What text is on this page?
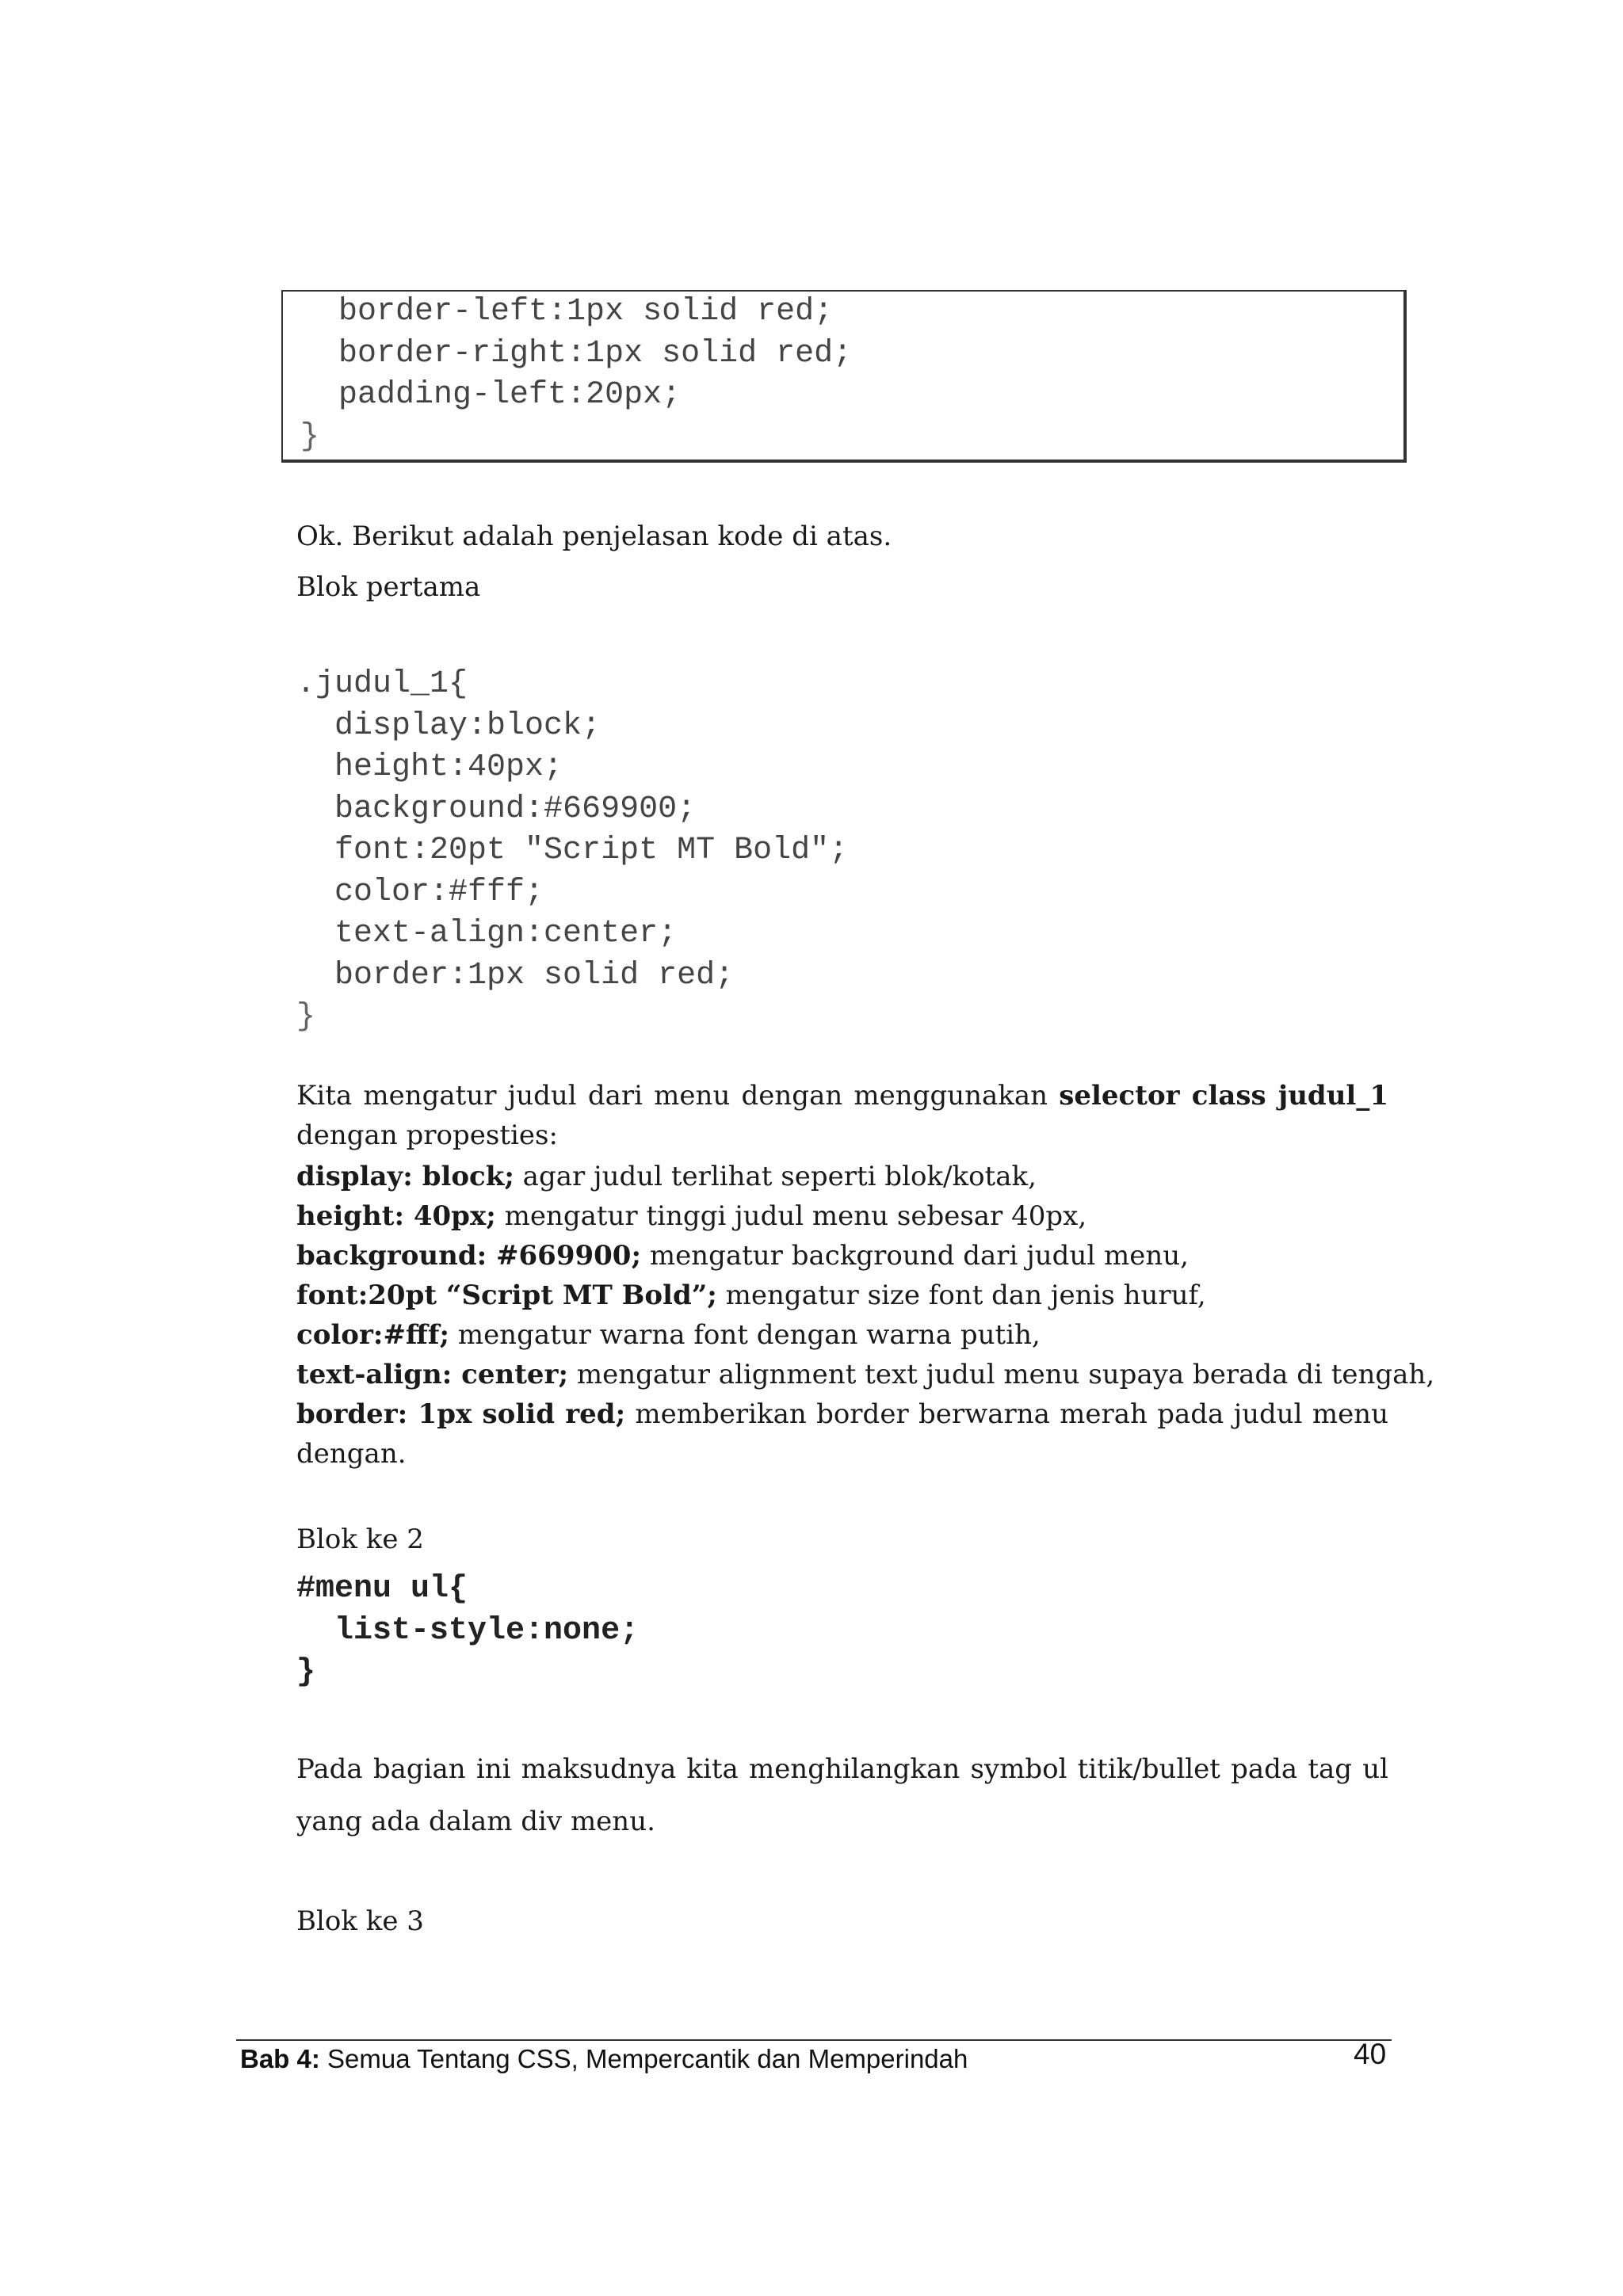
border-left:1px solid red;
border-right:1px solid red;
padding-left:20px;
}

Ok. Berikut adalah penjelasan kode di atas.

Blok pertama

.judul_1{
display:block;
height:40px;
background:#669900;
font:20pt "Script MT Bold";
color:#fff;
text-align:center;
border:1px solid red;
}

Kita mengatur judul dari menu dengan menggunakan selector class judul_1 dengan propesties:

display: block; agar judul terlihat seperti blok/kotak,
height: 40px; mengatur tinggi judul menu sebesar 40px,
background: #669900; mengatur background dari judul menu,
font:20pt “Script MT Bold”; mengatur size font dan jenis huruf,
color:#fff; mengatur warna font dengan warna putih,
text-align: center; mengatur alignment text judul menu supaya berada di tengah,
border: 1px solid red; memberikan border berwarna merah pada judul menu
dengan.

Blok ke 2

#menu ul{
list-style:none;
}

Pada bagian ini maksudnya kita menghilangkan symbol titik/bullet pada tag ul yang ada dalam div menu.

Blok ke 3

Bab 4: Semua Tentang CSS, Mempercantik dan Memperindah	40
